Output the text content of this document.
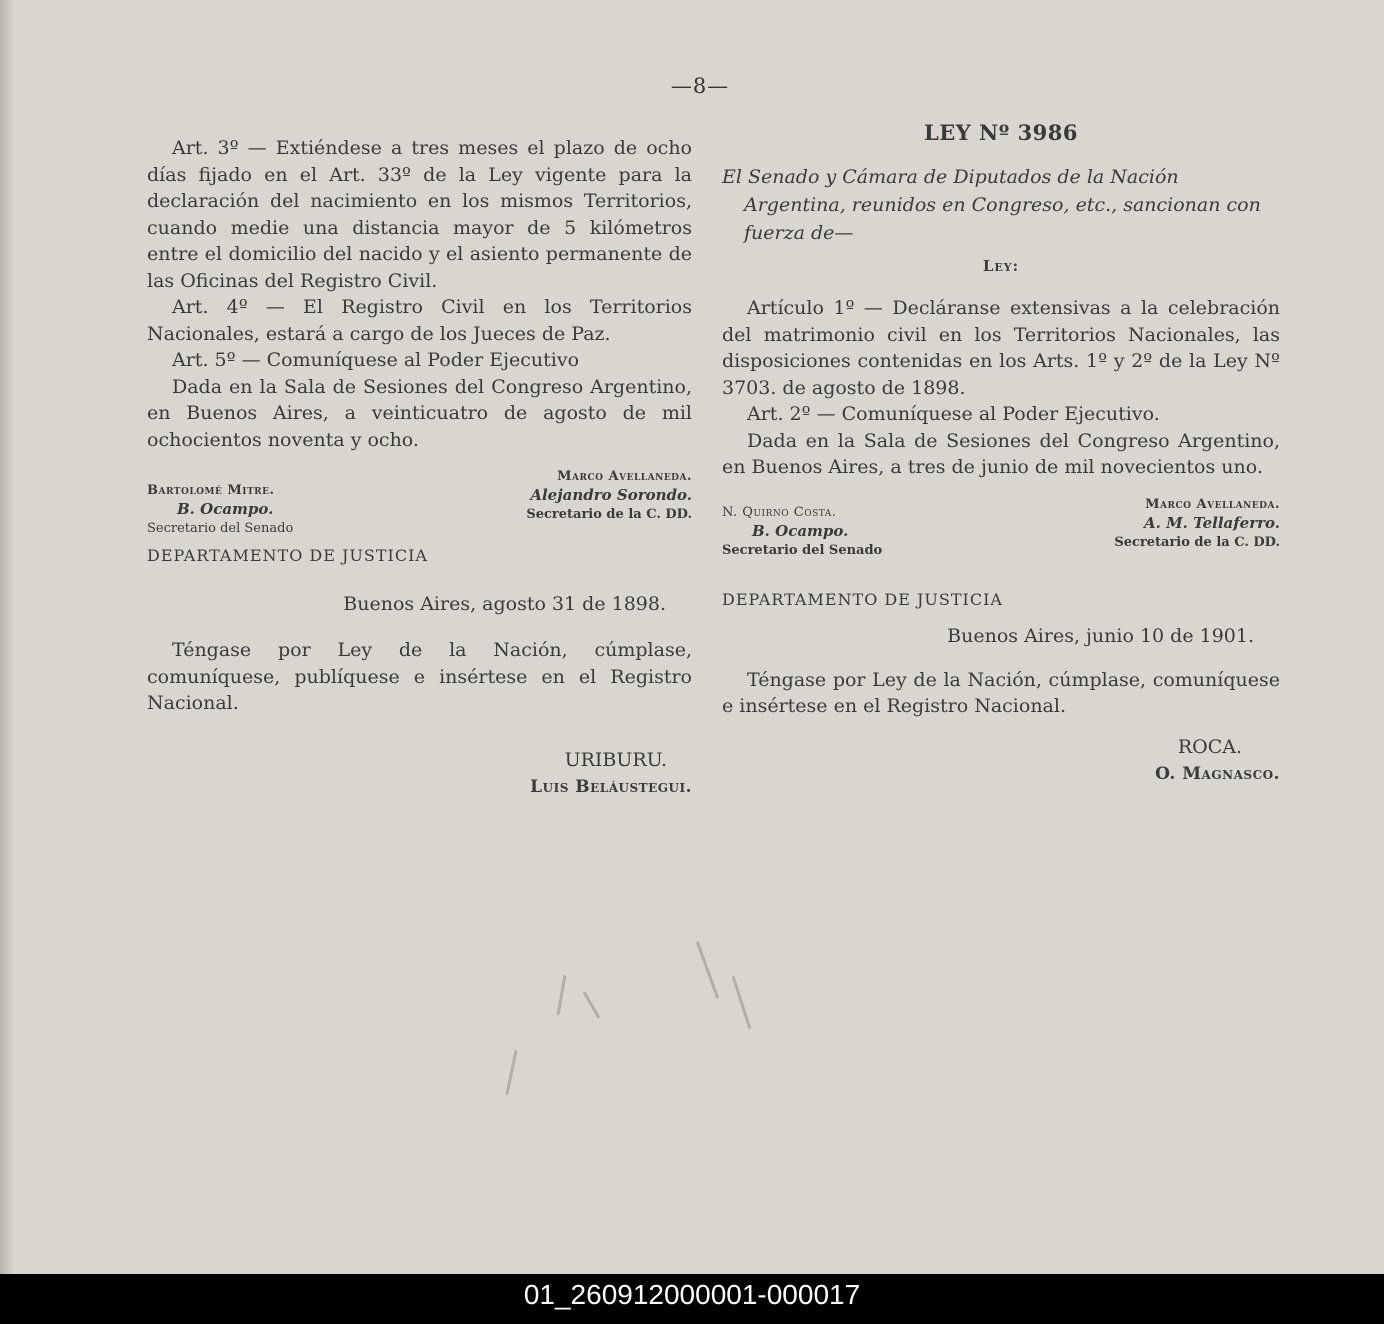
—8—

Art. 3º — Extiéndese a tres meses el plazo de ocho días fijado en el Art. 33º de la Ley vigente para la declaración del nacimiento en los mismos Territorios, cuando medie una distancia mayor de 5 kilómetros entre el domicilio del nacido y el asiento permanente de las Oficinas del Registro Civil.

Art. 4º — El Registro Civil en los Territorios Nacionales, estará a cargo de los Jueces de Paz.

Art. 5º — Comuníquese al Poder Ejecutivo

Dada en la Sala de Sesiones del Congreso Argentino, en Buenos Aires, a veinticuatro de agosto de mil ochocientos noventa y ocho.

Bartolomé Mitre.
B. Ocampo.
Secretario del Senado
Marco Avellaneda.
Alejandro Sorondo.
Secretario de la C. DD.
DEPARTAMENTO DE JUSTICIA
Buenos Aires, agosto 31 de 1898.

Téngase por Ley de la Nación, cúmplase, comuníquese, publíquese e insértese en el Registro Nacional.

URIBURU.
Luis Beláustegui.
LEY Nº 3986

El Senado y Cámara de Diputados de la Nación Argentina, reunidos en Congreso, etc., sancionan con fuerza de—

Ley:

Artículo 1º — Decláranse extensivas a la celebración del matrimonio civil en los Territorios Nacionales, las disposiciones contenidas en los Arts. 1º y 2º de la Ley Nº 3703. de agosto de 1898.

Art. 2º — Comuníquese al Poder Ejecutivo.

Dada en la Sala de Sesiones del Congreso Argentino, en Buenos Aires, a tres de junio de mil novecientos uno.

N. Quirno Costa.
B. Ocampo.
Secretario del Senado
Marco Avellaneda.
A. M. Tellaferro.
Secretario de la C. DD.
DEPARTAMENTO DE JUSTICIA
Buenos Aires, junio 10 de 1901.

Téngase por Ley de la Nación, cúmplase, comuníquese e insértese en el Registro Nacional.

ROCA.
O. Magnasco.
01_260912000001-000017
